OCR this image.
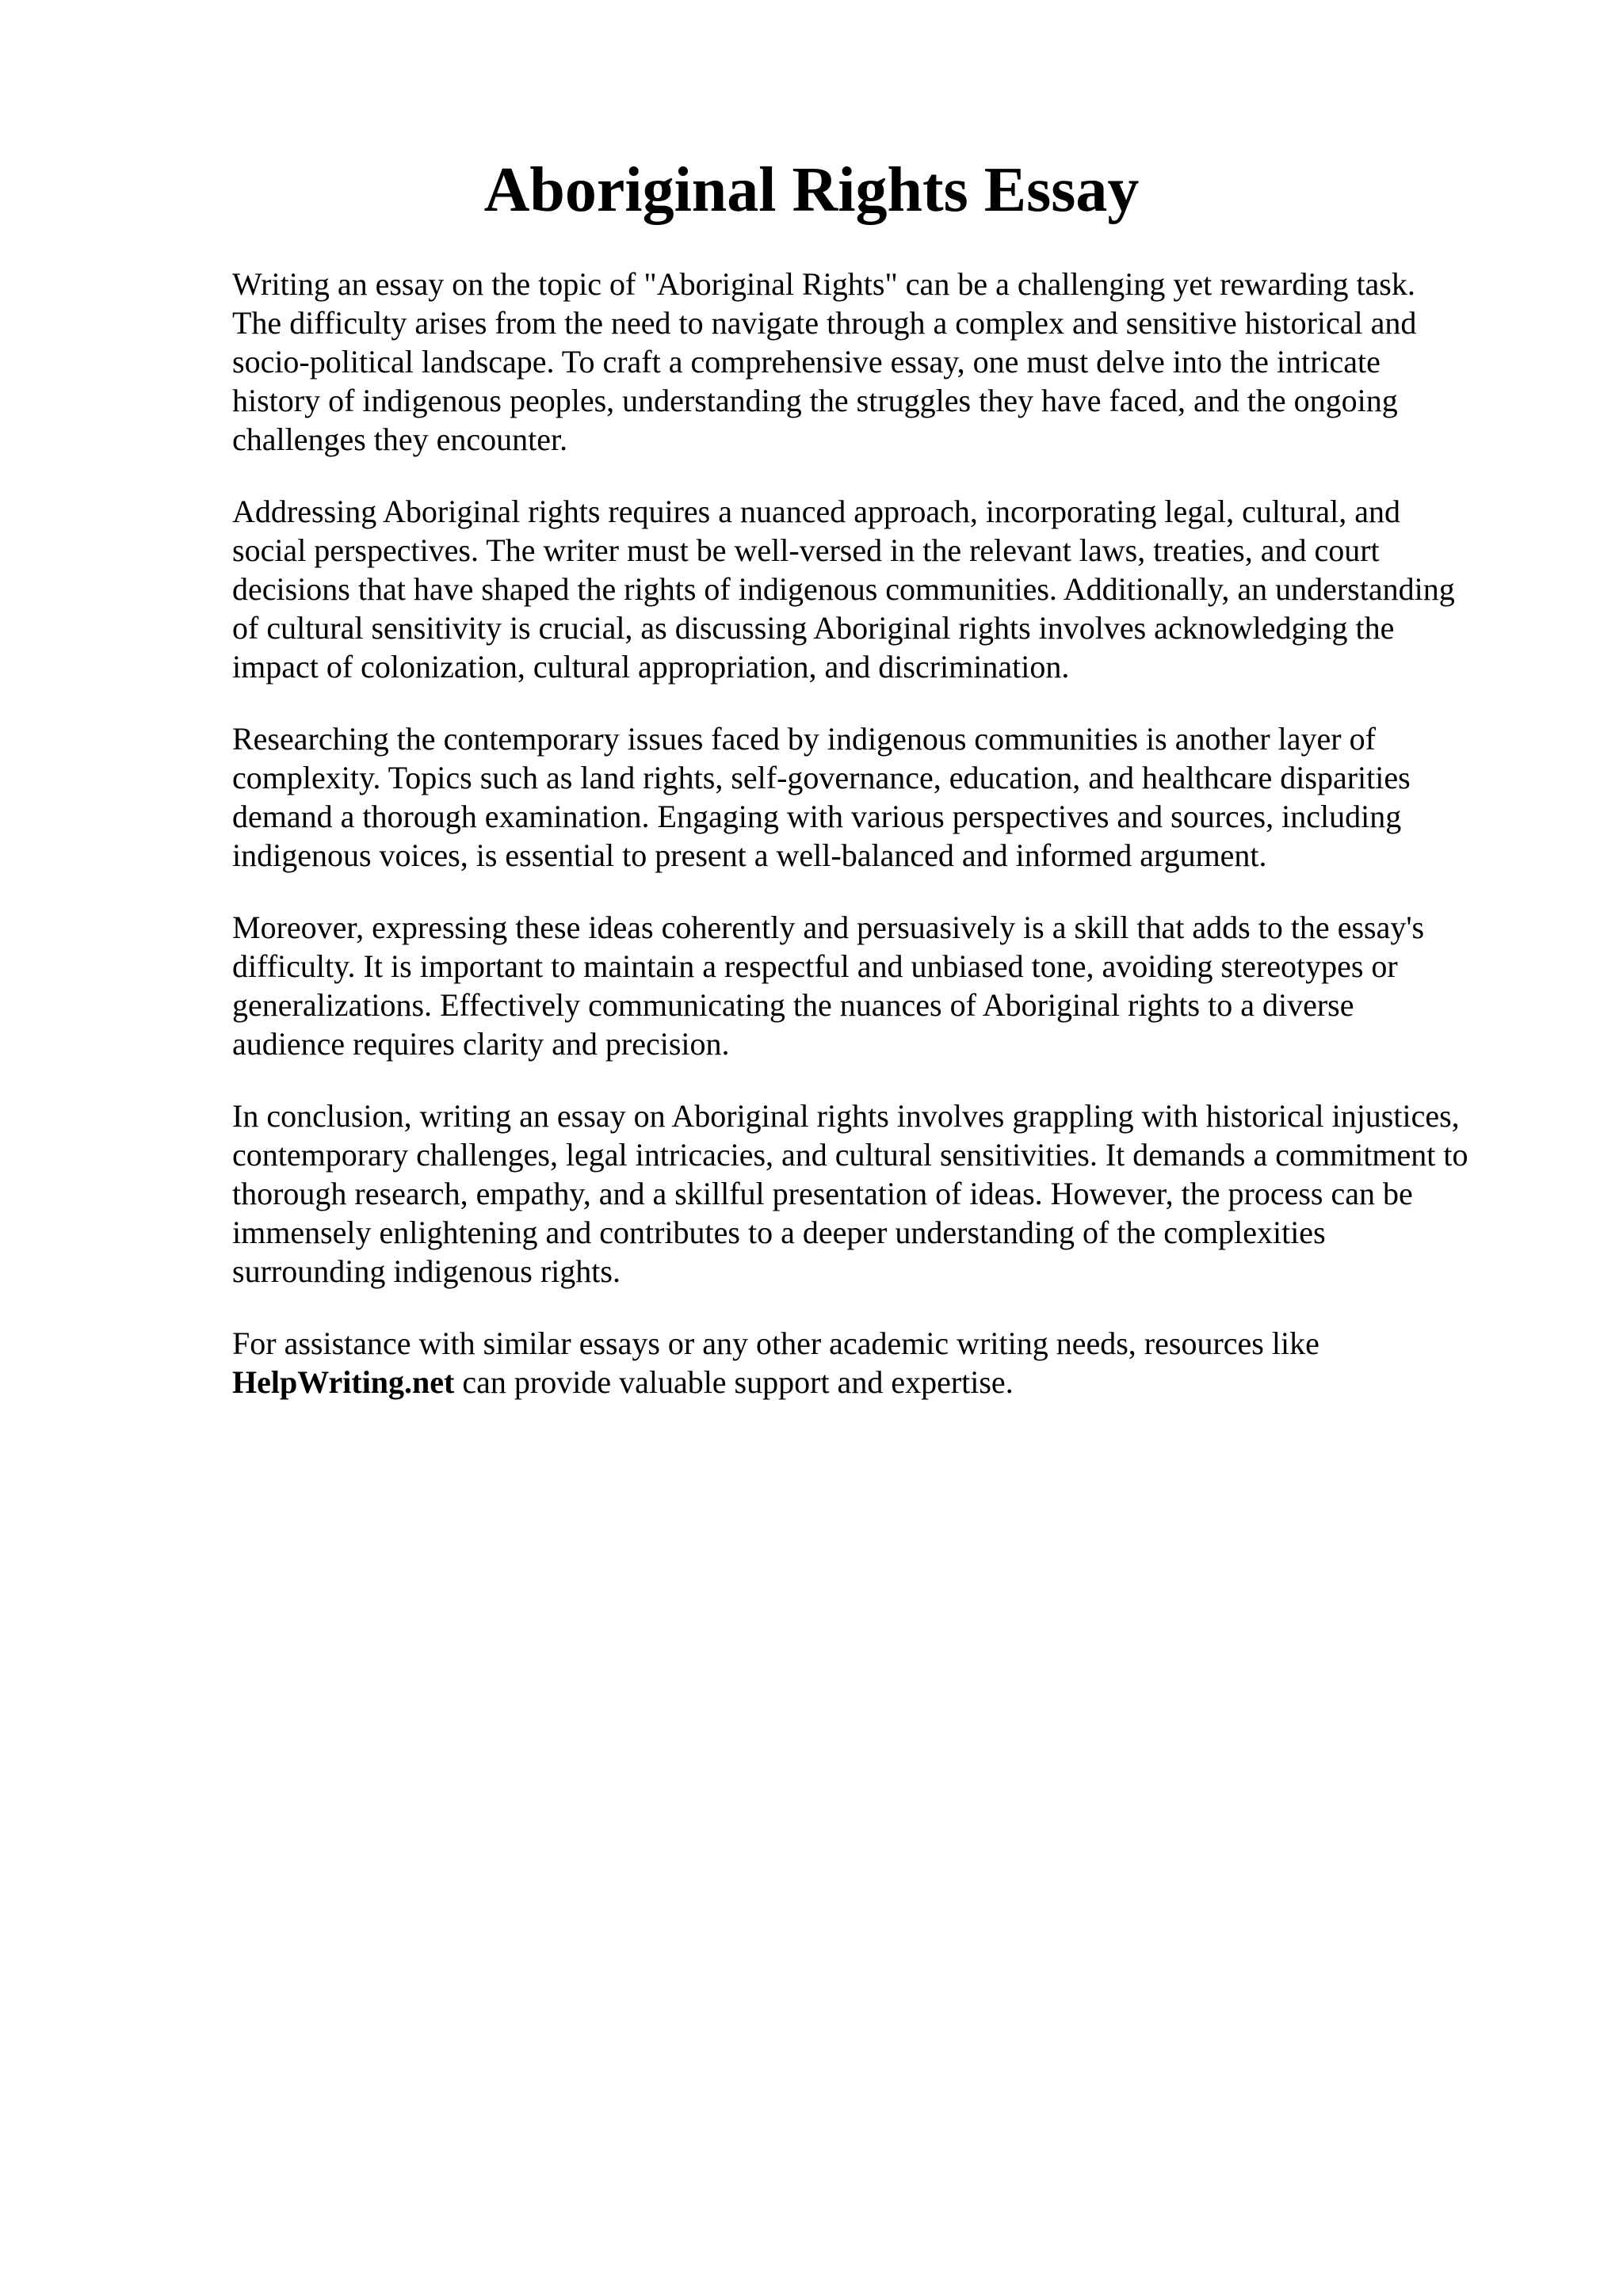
Aboriginal Rights Essay

Writing an essay on the topic of "Aboriginal Rights" can be a challenging yet rewarding task.
The difficulty arises from the need to navigate through a complex and sensitive historical and
socio-political landscape. To craft a comprehensive essay, one must delve into the intricate
history of indigenous peoples, understanding the struggles they have faced, and the ongoing
challenges they encounter.

Addressing Aboriginal rights requires a nuanced approach, incorporating legal, cultural, and
social perspectives. The writer must be well-versed in the relevant laws, treaties, and court
decisions that have shaped the rights of indigenous communities. Additionally, an understanding
of cultural sensitivity is crucial, as discussing Aboriginal rights involves acknowledging the
impact of colonization, cultural appropriation, and discrimination.

Researching the contemporary issues faced by indigenous communities is another layer of
complexity. Topics such as land rights, self-governance, education, and healthcare disparities
demand a thorough examination. Engaging with various perspectives and sources, including
indigenous voices, is essential to present a well-balanced and informed argument.

Moreover, expressing these ideas coherently and persuasively is a skill that adds to the essay's
difficulty. It is important to maintain a respectful and unbiased tone, avoiding stereotypes or
generalizations. Effectively communicating the nuances of Aboriginal rights to a diverse
audience requires clarity and precision.

In conclusion, writing an essay on Aboriginal rights involves grappling with historical injustices,
contemporary challenges, legal intricacies, and cultural sensitivities. It demands a commitment to
thorough research, empathy, and a skillful presentation of ideas. However, the process can be
immensely enlightening and contributes to a deeper understanding of the complexities
surrounding indigenous rights.

For assistance with similar essays or any other academic writing needs, resources like
HelpWriting.net can provide valuable support and expertise.
